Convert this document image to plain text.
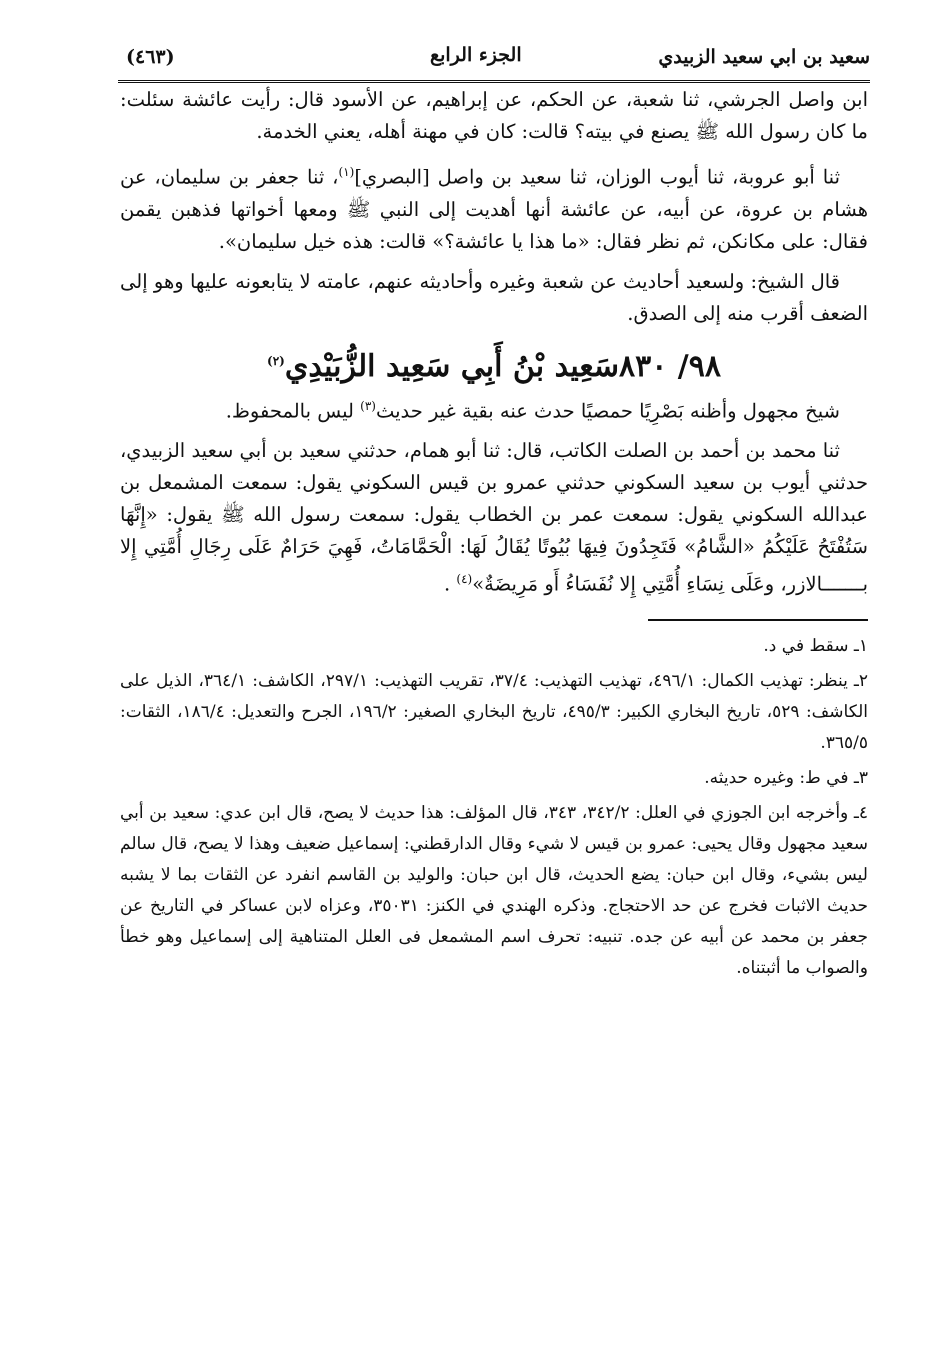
سعيد بن ابي سعيد الزبيدي
الجزء الرابع
(٤٦٣)

ابن واصل الجرشي، ثنا شعبة، عن الحكم، عن إبراهيم، عن الأسود قال: رأيت عائشة سئلت: ما كان رسول الله ﷺ يصنع في بيته؟ قالت: كان في مهنة أهله، يعني الخدمة.

ثنا أبو عروبة، ثنا أيوب الوزان، ثنا سعيد بن واصل [البصري]$^{(١)}$، ثنا جعفر بن سليمان، عن هشام بن عروة، عن أبيه، عن عائشة أنها أهديت إلى النبي ﷺ ومعها أخواتها فذهبن يقمن فقال: على مكانكن، ثم نظر فقال: «ما هذا يا عائشة؟» قالت: هذه خيل سليمان».

قال الشيخ: ولسعيد أحاديث عن شعبة وغيره وأحاديثه عنهم، عامته لا يتابعونه عليها وهو إلى الضعف أقرب منه إلى الصدق.

٩٨/ ٨٣٠سَعِيد بْنُ أَبِي سَعِيد الزُّبَيْدِي$^{(٢)}$

شيخ مجهول وأظنه بَصْرِيًا حمصيًا حدث عنه بقية غير حديث$^{(٣)}$ ليس بالمحفوظ.

ثنا محمد بن أحمد بن الصلت الكاتب، قال: ثنا أبو همام، حدثني سعيد بن أبي سعيد الزبيدي، حدثني أيوب بن سعيد السكوني حدثني عمرو بن قيس السكوني يقول: سمعت المشمعل بن عبدالله السكوني يقول: سمعت عمر بن الخطاب يقول: سمعت رسول الله ﷺ يقول: «إِنَّهَا سَتُفْتَحُ عَلَيْكُمُ «الشَّامُ» فَتَجِدُونَ فِيهَا بُيُوتًا يُقَالُ لَهَا: الْحَمَّامَاتُ، فَهِيَ حَرَامٌ عَلَى رِجَالِ أُمَّتِي إِلا بـــــــالازر، وعَلَى نِسَاءِ أُمَّتِي إِلا نُفَسَاءُ أَو مَرِيضَةٌ»$^{(٤)}$ .

١ـ سقط في د.

٢ـ ينظر: تهذيب الكمال: ٤٩٦/١، تهذيب التهذيب: ٣٧/٤، تقريب التهذيب: ٢٩٧/١، الكاشف: ٣٦٤/١، الذيل على الكاشف: ٥٢٩، تاريخ البخاري الكبير: ٤٩٥/٣، تاريخ البخاري الصغير: ١٩٦/٢، الجرح والتعديل: ١٨٦/٤، الثقات: ٣٦٥/٥.

٣ـ في ط: وغيره حديثه.

٤ـ وأخرجه ابن الجوزي في العلل: ٣٤٢/٢، ٣٤٣، قال المؤلف: هذا حديث لا يصح، قال ابن عدي: سعيد بن أبي سعيد مجهول وقال يحيى: عمرو بن قيس لا شيء وقال الدارقطني: إسماعيل ضعيف وهذا لا يصح، قال سالم ليس بشيء، وقال ابن حبان: يضع الحديث، قال ابن حبان: والوليد بن القاسم انفرد عن الثقات بما لا يشبه حديث الاثبات فخرج عن حد الاحتجاج. وذكره الهندي في الكنز: ٣٥٠٣١، وعزاه لابن عساكر في التاريخ عن جعفر بن محمد عن أبيه عن جده. تنبيه: تحرف اسم المشمعل فى العلل المتناهية إلى إسماعيل وهو خطأ والصواب ما أثبتناه.
